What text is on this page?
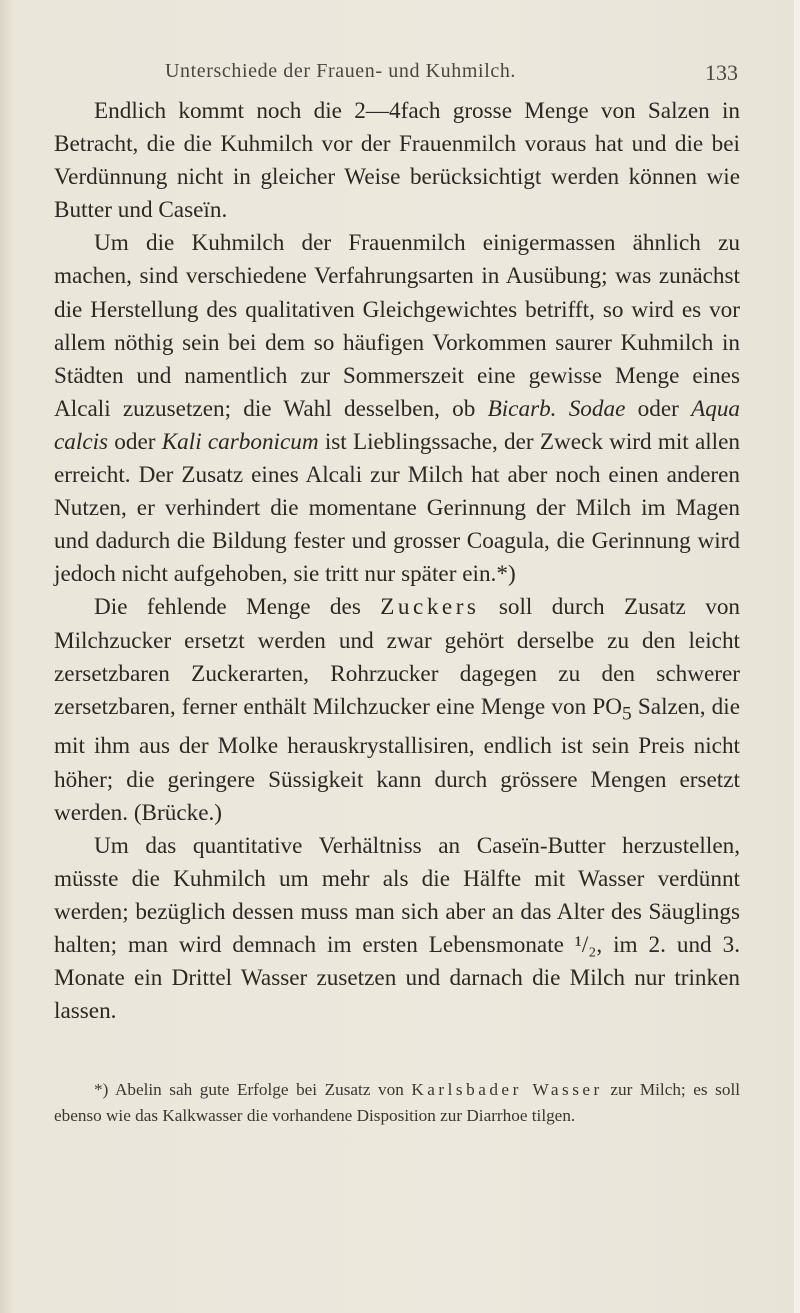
Unterschiede der Frauen- und Kuhmilch.	133

Endlich kommt noch die 2—4fach grosse Menge von Salzen in Betracht, die die Kuhmilch vor der Frauenmilch voraus hat und die bei Verdünnung nicht in gleicher Weise berücksichtigt werden können wie Butter und Caseïn.

Um die Kuhmilch der Frauenmilch einigermassen ähnlich zu machen, sind verschiedene Verfahrungsarten in Ausübung; was zunächst die Herstellung des qualitativen Gleichgewichtes betrifft, so wird es vor allem nöthig sein bei dem so häufigen Vorkommen saurer Kuhmilch in Städten und namentlich zur Sommerszeit eine gewisse Menge eines Alcali zuzusetzen; die Wahl desselben, ob Bicarb. Sodae oder Aqua calcis oder Kali carbonicum ist Lieblingssache, der Zweck wird mit allen erreicht. Der Zusatz eines Alcali zur Milch hat aber noch einen anderen Nutzen, er verhindert die momentane Gerinnung der Milch im Magen und dadurch die Bildung fester und grosser Coagula, die Gerinnung wird jedoch nicht aufgehoben, sie tritt nur später ein.*)

Die fehlende Menge des Zuckers soll durch Zusatz von Milchzucker ersetzt werden und zwar gehört derselbe zu den leicht zersetzbaren Zuckerarten, Rohrzucker dagegen zu den schwerer zersetzbaren, ferner enthält Milchzucker eine Menge von $PO_5$ Salzen, die mit ihm aus der Molke herauskrystallisiren, endlich ist sein Preis nicht höher; die geringere Süssigkeit kann durch grössere Mengen ersetzt werden. (Brücke.)

Um das quantitative Verhältniss an Caseïn-Butter herzustellen, müsste die Kuhmilch um mehr als die Hälfte mit Wasser verdünnt werden; bezüglich dessen muss man sich aber an das Alter des Säuglings halten; man wird demnach im ersten Lebensmonate ¹/₂, im 2. und 3. Monate ein Drittel Wasser zusetzen und darnach die Milch nur trinken lassen.

*) Abelin sah gute Erfolge bei Zusatz von Karlsbader Wasser zur Milch; es soll ebenso wie das Kalkwasser die vorhandene Disposition zur Diarrhoe tilgen.
